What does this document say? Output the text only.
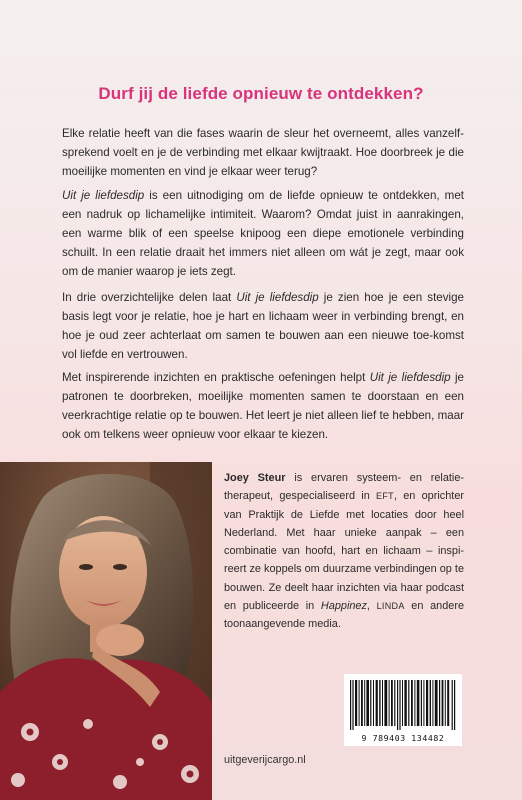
Durf jij de liefde opnieuw te ontdekken?

Elke relatie heeft van die fases waarin de sleur het overneemt, alles vanzelf-sprekend voelt en je de verbinding met elkaar kwijtraakt. Hoe doorbreek je die moeilijke momenten en vind je elkaar weer terug?

Uit je liefdesdip is een uitnodiging om de liefde opnieuw te ontdekken, met een nadruk op lichamelijke intimiteit. Waarom? Omdat juist in aanrakingen, een warme blik of een speelse knipoog een diepe emotionele verbinding schuilt. In een relatie draait het immers niet alleen om wát je zegt, maar ook om de manier waarop je iets zegt.

In drie overzichtelijke delen laat Uit je liefdesdip je zien hoe je een stevige basis legt voor je relatie, hoe je hart en lichaam weer in verbinding brengt, en hoe je oud zeer achterlaat om samen te bouwen aan een nieuwe toe-komst vol liefde en vertrouwen.

Met inspirerende inzichten en praktische oefeningen helpt Uit je liefdesdip je patronen te doorbreken, moeilijke momenten samen te doorstaan en een veerkrachtige relatie op te bouwen. Het leert je niet alleen lief te hebben, maar ook om telkens weer opnieuw voor elkaar te kiezen.

Joey Steur is ervaren systeem- en relatie-therapeut, gespecialiseerd in EFT, en oprichter van Praktijk de Liefde met locaties door heel Nederland. Met haar unieke aanpak – een combinatie van hoofd, hart en lichaam – inspi-reert ze koppels om duurzame verbindingen op te bouwen. Ze deelt haar inzichten via haar podcast en publiceerde in Happinez, LINDA en andere toonaangevende media.

uitgeverijcargo.nl
9 789403 134482
